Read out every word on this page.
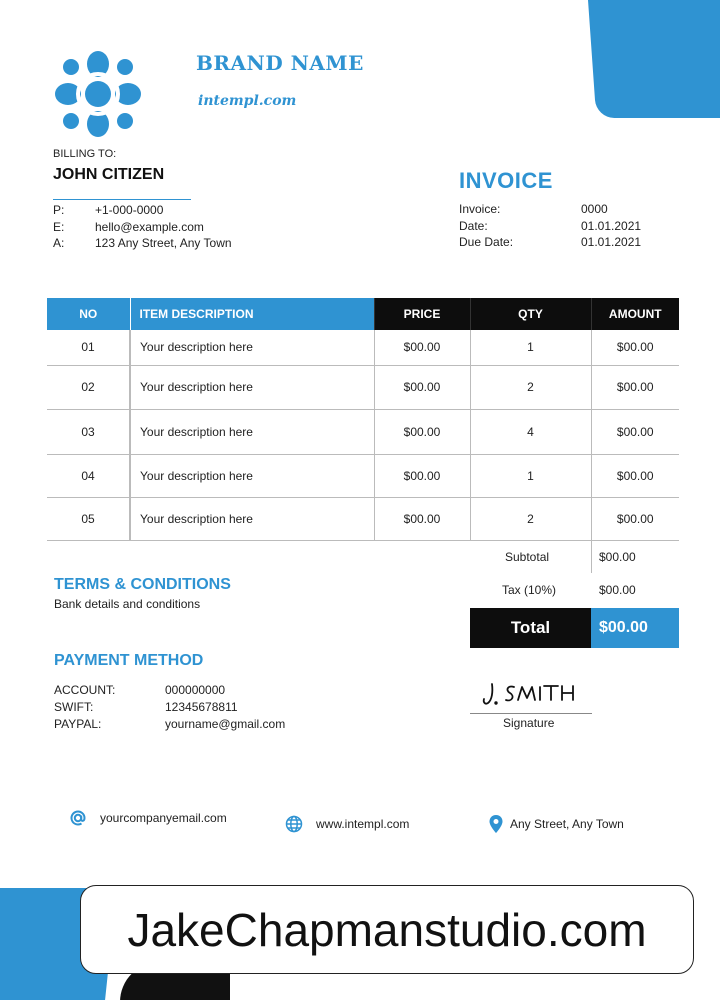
BRAND NAME
intempl.com
BILLING TO:
JOHN CITIZEN
P:	+1-000-0000
E:	hello@example.com
A:	123 Any Street, Any Town
INVOICE
Invoice:	0000
Date:	01.01.2021
Due Date:	01.01.2021
NO	ITEM DESCRIPTION	PRICE	QTY	AMOUNT
01	Your description here	$00.00	1	$00.00
02	Your description here	$00.00	2	$00.00
03	Your description here	$00.00	4	$00.00
04	Your description here	$00.00	1	$00.00
05	Your description here	$00.00	2	$00.00
Subtotal	$00.00
Tax (10%)	$00.00
Total	$00.00
TERMS & CONDITIONS
Bank details and conditions
PAYMENT METHOD
ACCOUNT:	000000000
SWIFT:	12345678811
PAYPAL:	yourname@gmail.com	Signature
yourcompanyemail.com	www.intempl.com	Any Street, Any Town
JakeChapmanstudio.com
